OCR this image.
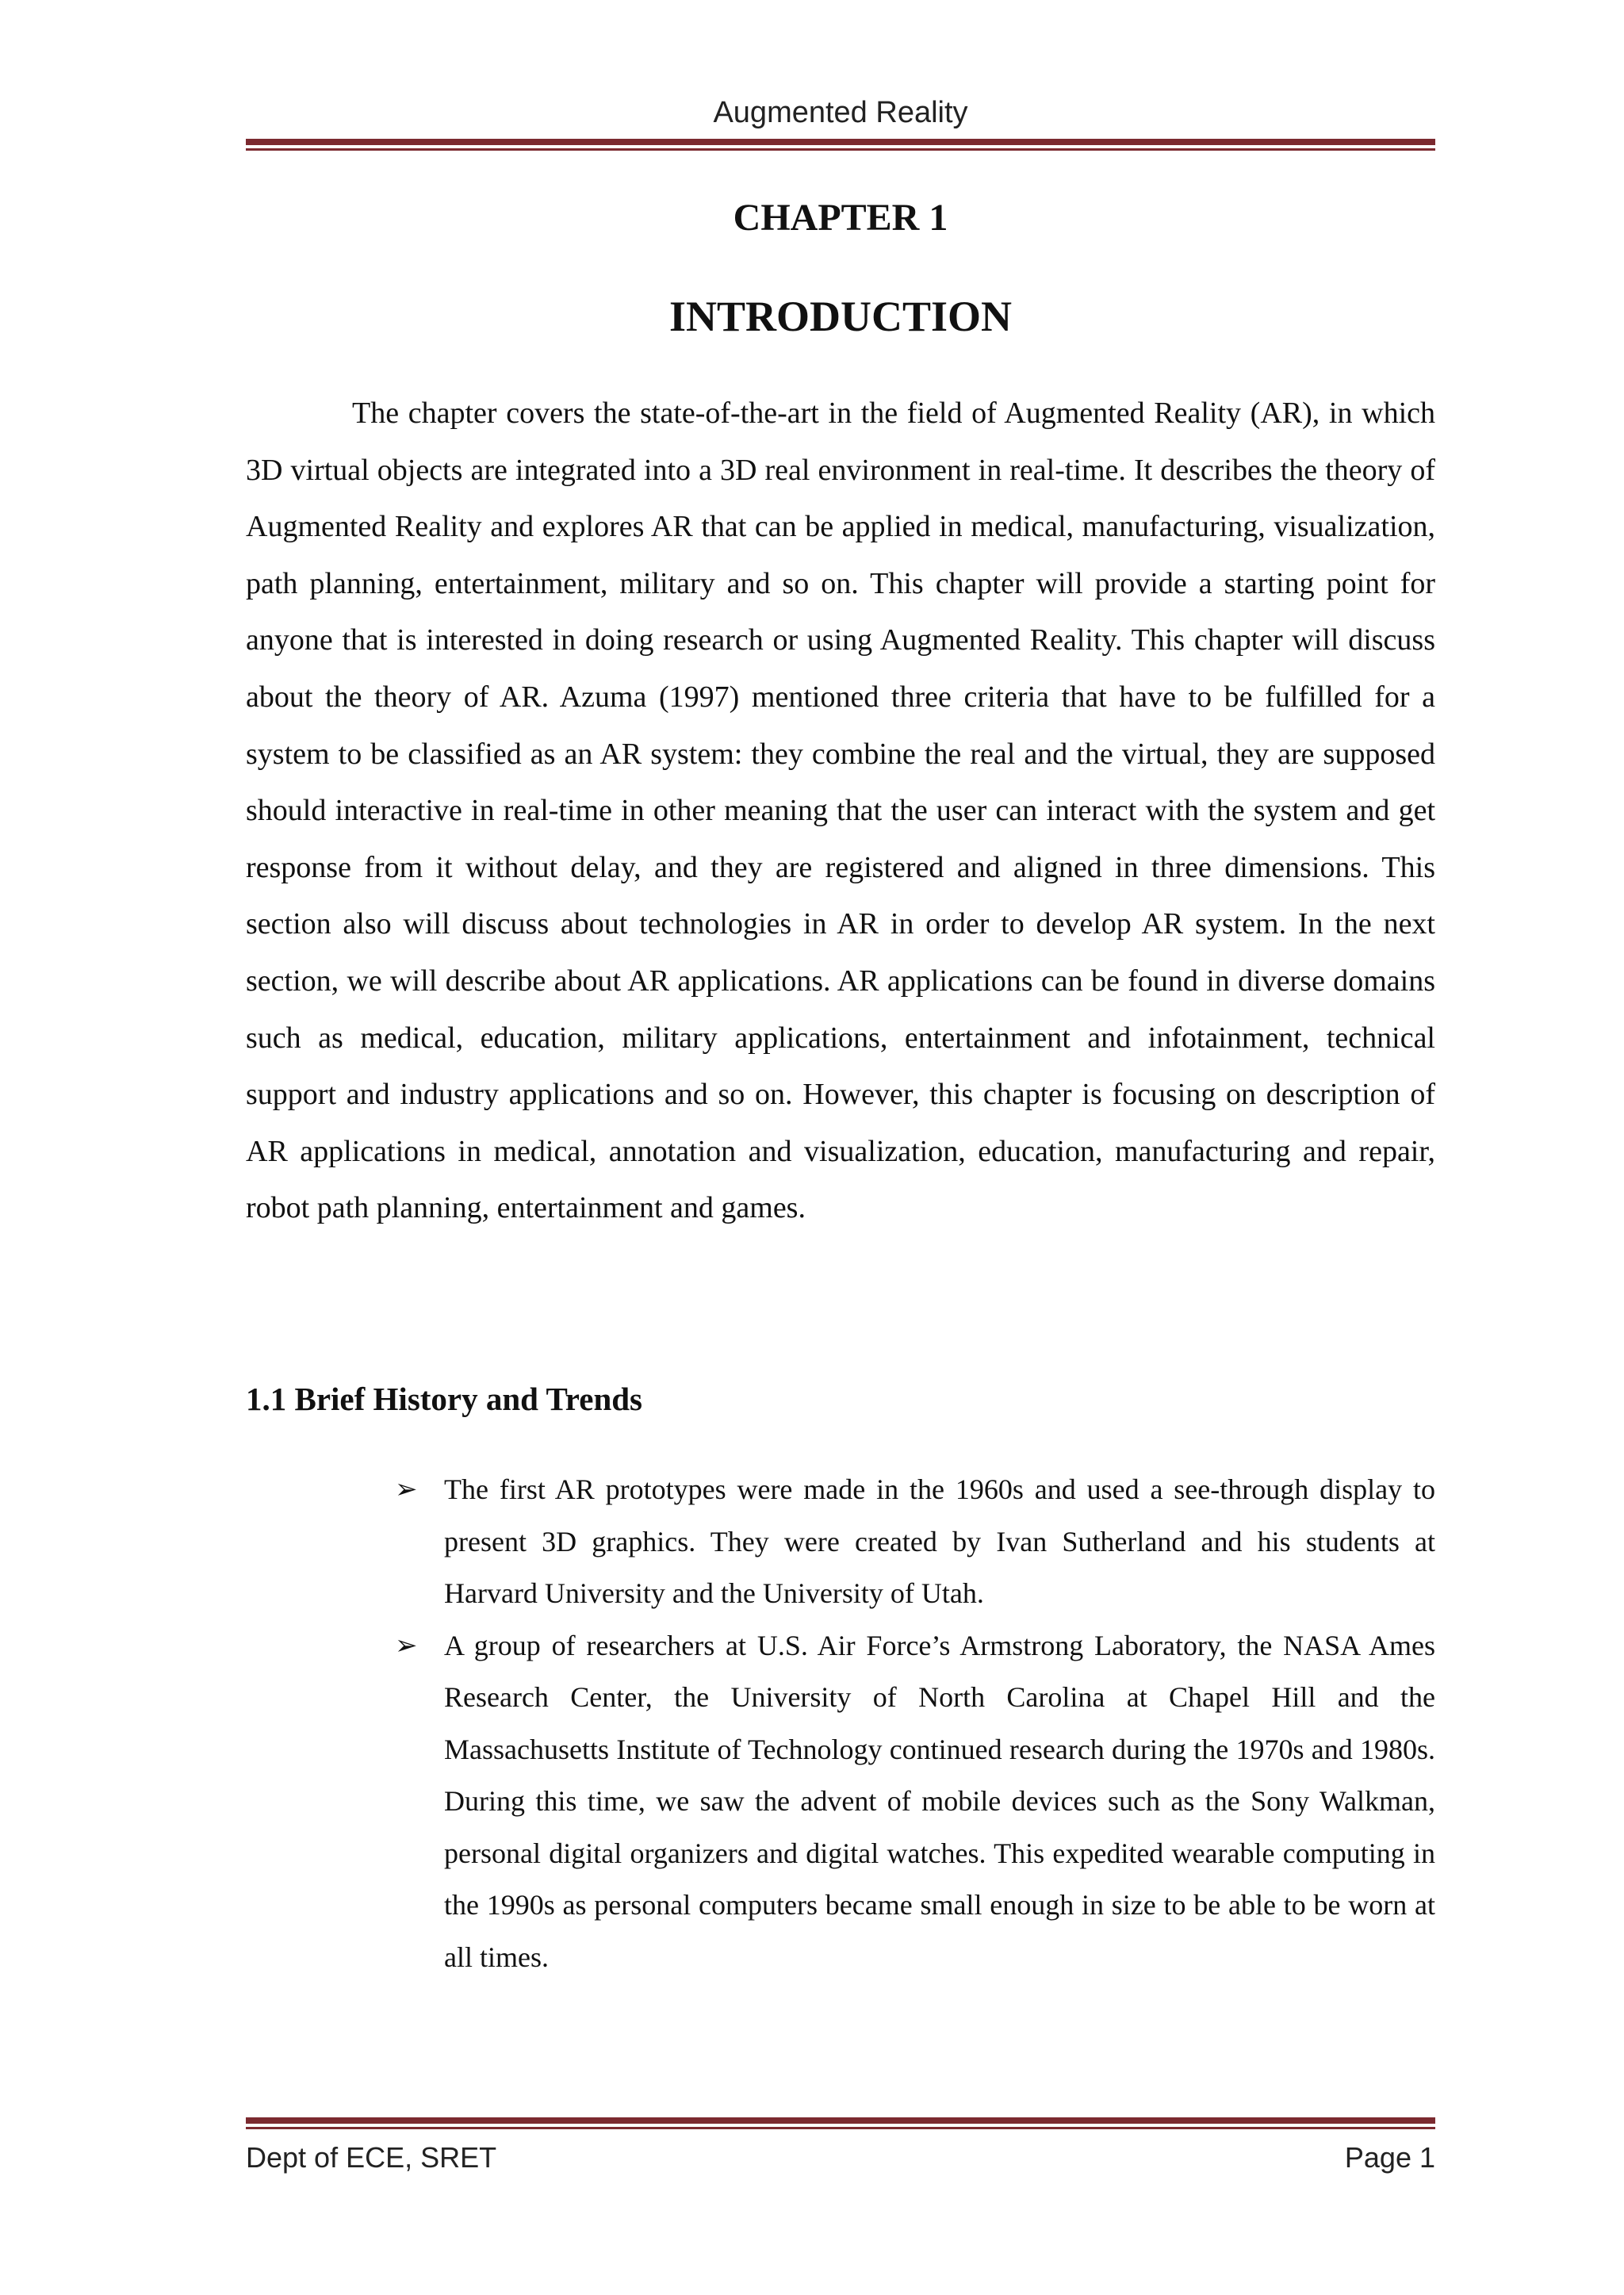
Augmented Reality
CHAPTER 1
INTRODUCTION

The chapter covers the state-of-the-art in the field of Augmented Reality (AR), in which 3D virtual objects are integrated into a 3D real environment in real-time. It describes the theory of Augmented Reality and explores AR that can be applied in medical, manufacturing, visualization, path planning, entertainment, military and so on. This chapter will provide a starting point for anyone that is interested in doing research or using Augmented Reality. This chapter will discuss about the theory of AR. Azuma (1997) mentioned three criteria that have to be fulfilled for a system to be classified as an AR system: they combine the real and the virtual, they are supposed should interactive in real-time in other meaning that the user can interact with the system and get response from it without delay, and they are registered and aligned in three dimensions. This section also will discuss about technologies in AR in order to develop AR system. In the next section, we will describe about AR applications. AR applications can be found in diverse domains such as medical, education, military applications, entertainment and infotainment, technical support and industry applications and so on. However, this chapter is focusing on description of AR applications in medical, annotation and visualization, education, manufacturing and repair, robot path planning, entertainment and games.

1.1 Brief History and Trends
➢ The first AR prototypes were made in the 1960s and used a see-through display to present 3D graphics. They were created by Ivan Sutherland and his students at Harvard University and the University of Utah.
➢ A group of researchers at U.S. Air Force’s Armstrong Laboratory, the NASA Ames Research Center, the University of North Carolina at Chapel Hill and the Massachusetts Institute of Technology continued research during the 1970s and 1980s. During this time, we saw the advent of mobile devices such as the Sony Walkman, personal digital organizers and digital watches. This expedited wearable computing in the 1990s as personal computers became small enough in size to be able to be worn at all times.
Dept of ECE, SRET	Page 1
